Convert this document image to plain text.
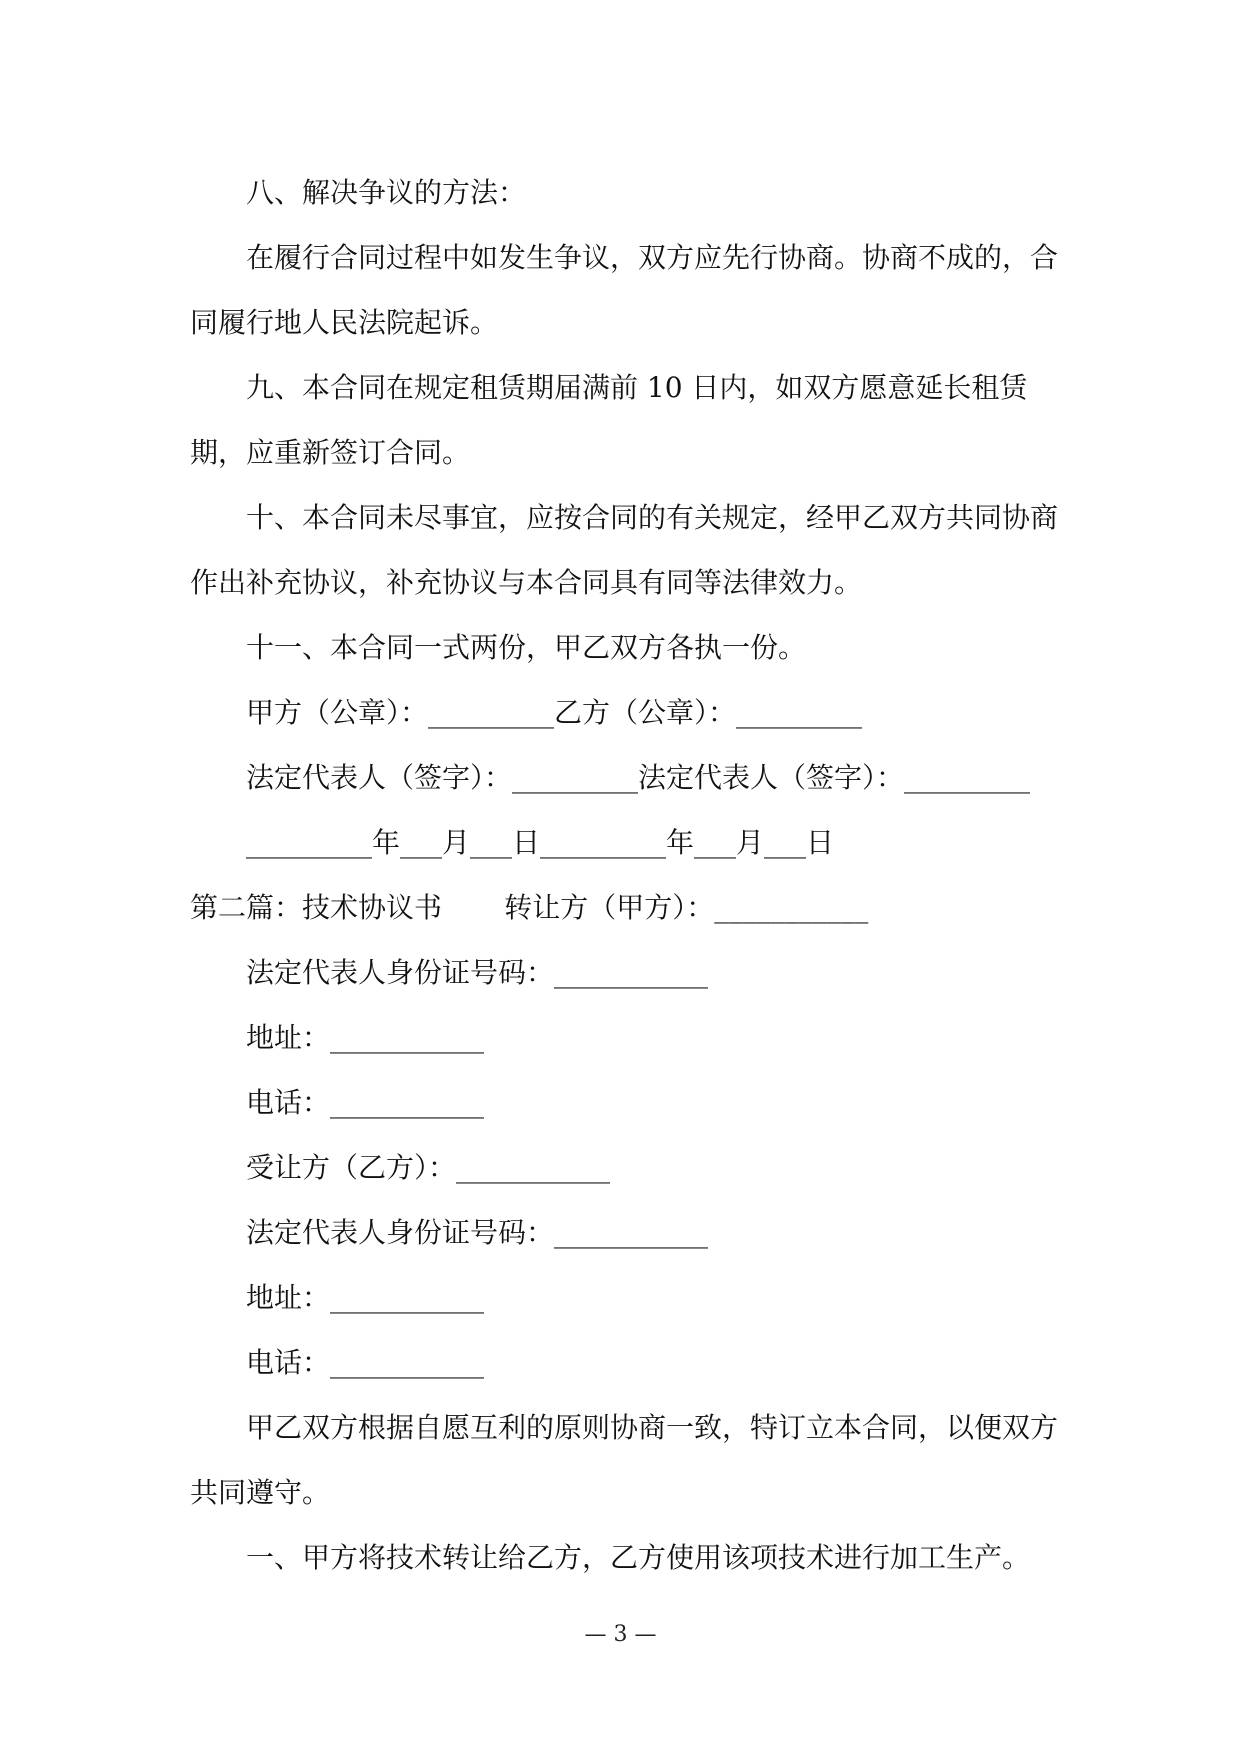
八、解决争议的方法：

在履行合同过程中如发生争议，双方应先行协商。协商不成的，合同履行地人民法院起诉。

九、本合同在规定租赁期届满前 10 日内，如双方愿意延长租赁期，应重新签订合同。

十、本合同未尽事宜，应按合同的有关规定，经甲乙双方共同协商作出补充协议，补充协议与本合同具有同等法律效力。

十一、本合同一式两份，甲乙双方各执一份。

甲方（公章）：_________乙方（公章）：_________

法定代表人（签字）：_________法定代表人（签字）：_________

_________年___月___日_________年___月___日

第二篇：技术协议书       转让方（甲方）：___________

法定代表人身份证号码：___________

地址：___________

电话：___________

受让方（乙方）：___________

法定代表人身份证号码：___________

地址：___________

电话：___________

甲乙双方根据自愿互利的原则协商一致，特订立本合同，以便双方共同遵守。

一、甲方将技术转让给乙方，乙方使用该项技术进行加工生产。

— 3 —
